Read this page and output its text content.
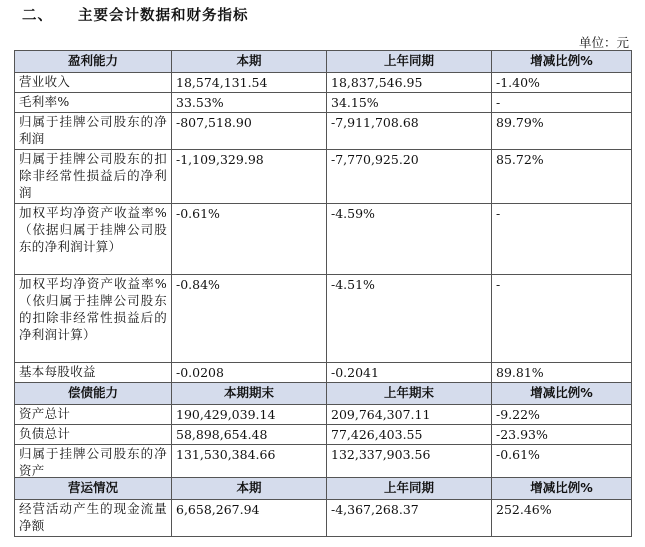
二、 主要会计数据和财务指标
单位：元
盈利能力	本期	上年同期	增减比例%
营业收入	18,574,131.54	18,837,546.95	-1.40%
毛利率%	33.53%	34.15%	-
归属于挂牌公司股东的净利润	-807,518.90	-7,911,708.68	89.79%
归属于挂牌公司股东的扣除非经常性损益后的净利润	-1,109,329.98	-7,770,925.20	85.72%
加权平均净资产收益率%（依据归属于挂牌公司股东的净利润计算）	-0.61%	-4.59%	-
加权平均净资产收益率%（依归属于挂牌公司股东的扣除非经常性损益后的净利润计算）	-0.84%	-4.51%	-
基本每股收益	-0.0208	-0.2041	89.81%
偿债能力	本期期末	上年期末	增减比例%
资产总计	190,429,039.14	209,764,307.11	-9.22%
负债总计	58,898,654.48	77,426,403.55	-23.93%
归属于挂牌公司股东的净资产	131,530,384.66	132,337,903.56	-0.61%
营运情况	本期	上年同期	增减比例%
经营活动产生的现金流量净额	6,658,267.94	-4,367,268.37	252.46%
